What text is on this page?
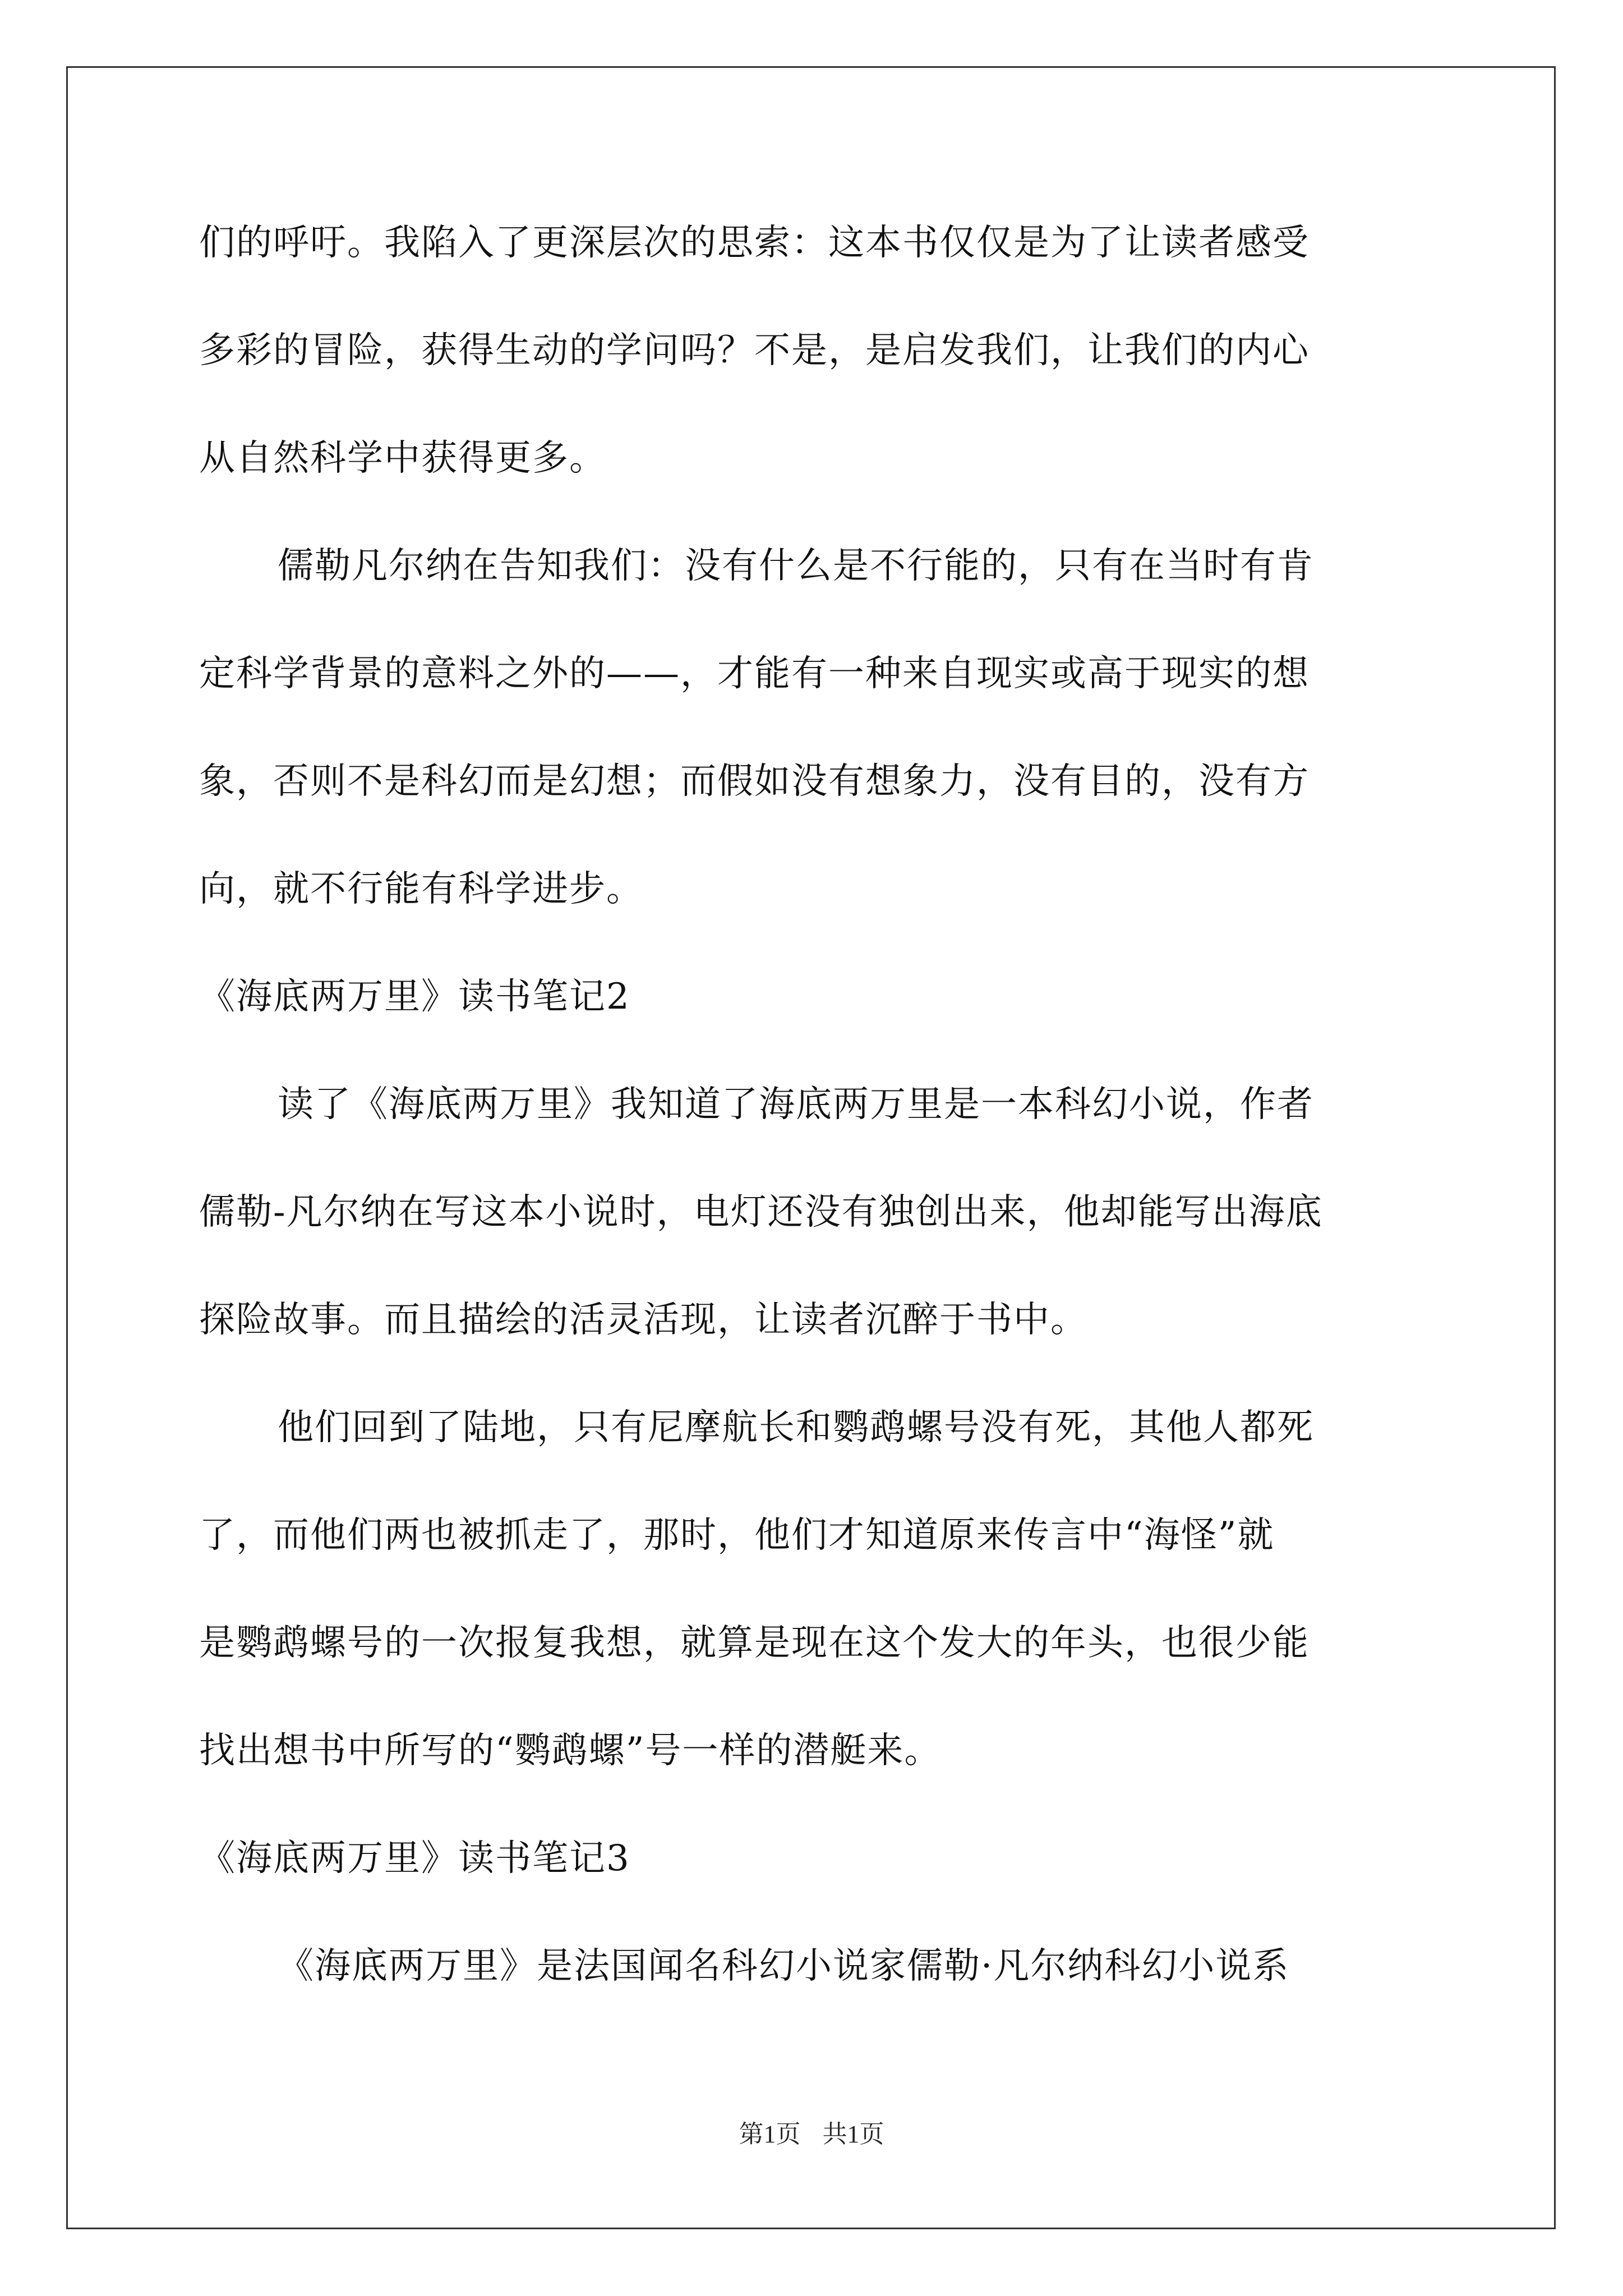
们的呼吁。我陷入了更深层次的思索：这本书仅仅是为了让读者感受
多彩的冒险，获得生动的学问吗？不是，是启发我们，让我们的内心
从自然科学中获得更多。
儒勒凡尔纳在告知我们：没有什么是不行能的，只有在当时有肯
定科学背景的意料之外的——，才能有一种来自现实或高于现实的想
象，否则不是科幻而是幻想；而假如没有想象力，没有目的，没有方
向，就不行能有科学进步。
《海底两万里》读书笔记2
读了《海底两万里》我知道了海底两万里是一本科幻小说，作者
儒勒-凡尔纳在写这本小说时，电灯还没有独创出来，他却能写出海底
探险故事。而且描绘的活灵活现，让读者沉醉于书中。
他们回到了陆地，只有尼摩航长和鹦鹉螺号没有死，其他人都死
了，而他们两也被抓走了，那时，他们才知道原来传言中“海怪”就
是鹦鹉螺号的一次报复我想，就算是现在这个发大的年头，也很少能
找出想书中所写的“鹦鹉螺”号一样的潜艇来。
《海底两万里》读书笔记3
《海底两万里》是法国闻名科幻小说家儒勒·凡尔纳科幻小说系
第1页 共1页
